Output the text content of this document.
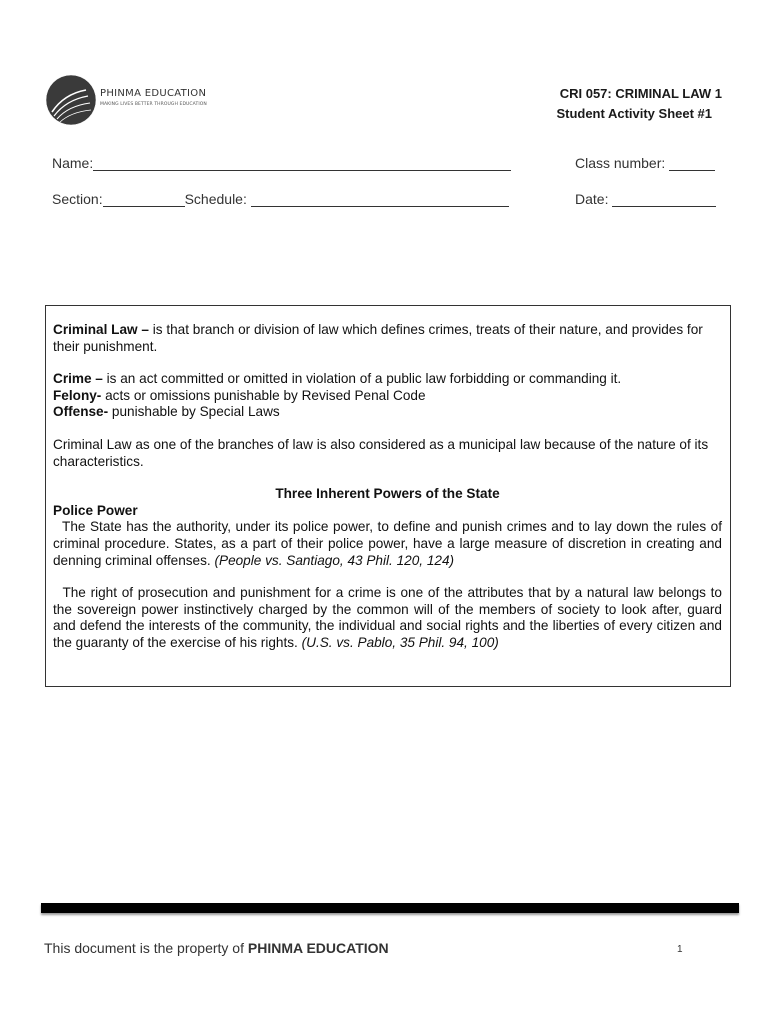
PHINMA EDUCATION
MAKING LIVES BETTER THROUGH EDUCATION
CRI 057: CRIMINAL LAW 1
Student Activity Sheet #1
Name:	Class number:
Section:	Schedule:	Date:

Criminal Law – is that branch or division of law which defines crimes, treats of their nature, and provides for their punishment.

Crime – is an act committed or omitted in violation of a public law forbidding or commanding it.

Felony- acts or omissions punishable by Revised Penal Code

Offense- punishable by Special Laws

Criminal Law as one of the branches of law is also considered as a municipal law because of the nature of its characteristics.

Three Inherent Powers of the State

Police Power

The State has the authority, under its police power, to define and punish crimes and to lay down the rules of criminal procedure. States, as a part of their police power, have a large measure of discretion in creating and denning criminal offenses. (People vs. Santiago, 43 Phil. 120, 124)

The right of prosecution and punishment for a crime is one of the attributes that by a natural law belongs to the sovereign power instinctively charged by the common will of the members of society to look after, guard and defend the interests of the community, the individual and social rights and the liberties of every citizen and the guaranty of the exercise of his rights. (U.S. vs. Pablo, 35 Phil. 94, 100)

This document is the property of PHINMA EDUCATION	1
